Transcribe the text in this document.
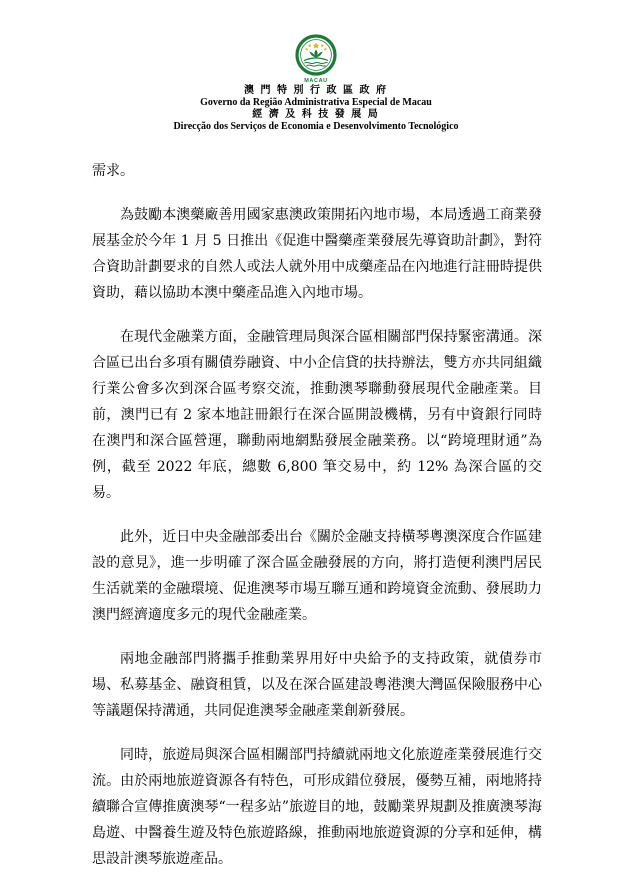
MACAU
澳 門 特 別 行 政 區 政 府
Governo da Região Administrativa Especial de Macau
經 濟 及 科 技 發 展 局
Direcção dos Serviços de Economia e Desenvolvimento Tecnológico

需求。

為鼓勵本澳藥廠善用國家惠澳政策開拓內地市場，本局透過工商業發展基金於今年 1 月 5 日推出《促進中醫藥產業發展先導資助計劃》，對符合資助計劃要求的自然人或法人就外用中成藥產品在內地進行註冊時提供資助，藉以協助本澳中藥產品進入內地市場。

在現代金融業方面，金融管理局與深合區相關部門保持緊密溝通。深合區已出台多項有關債券融資、中小企信貸的扶持辦法，雙方亦共同組織行業公會多次到深合區考察交流，推動澳琴聯動發展現代金融產業。目前，澳門已有 2 家本地註冊銀行在深合區開設機構，另有中資銀行同時在澳門和深合區營運，聯動兩地網點發展金融業務。以“跨境理財通”為例，截至 2022 年底，總數 6,800 筆交易中，約 12% 為深合區的交易。

此外，近日中央金融部委出台《關於金融支持橫琴粵澳深度合作區建設的意見》，進一步明確了深合區金融發展的方向，將打造便利澳門居民生活就業的金融環境、促進澳琴市場互聯互通和跨境資金流動、發展助力澳門經濟適度多元的現代金融產業。

兩地金融部門將攜手推動業界用好中央給予的支持政策，就債券市場、私募基金、融資租賃，以及在深合區建設粵港澳大灣區保險服務中心等議題保持溝通，共同促進澳琴金融產業創新發展。

同時，旅遊局與深合區相關部門持續就兩地文化旅遊產業發展進行交流。由於兩地旅遊資源各有特色，可形成錯位發展，優勢互補，兩地將持續聯合宣傳推廣澳琴“一程多站”旅遊目的地，鼓勵業界規劃及推廣澳琴海島遊、中醫養生遊及特色旅遊路線，推動兩地旅遊資源的分享和延伸，構思設計澳琴旅遊產品。
